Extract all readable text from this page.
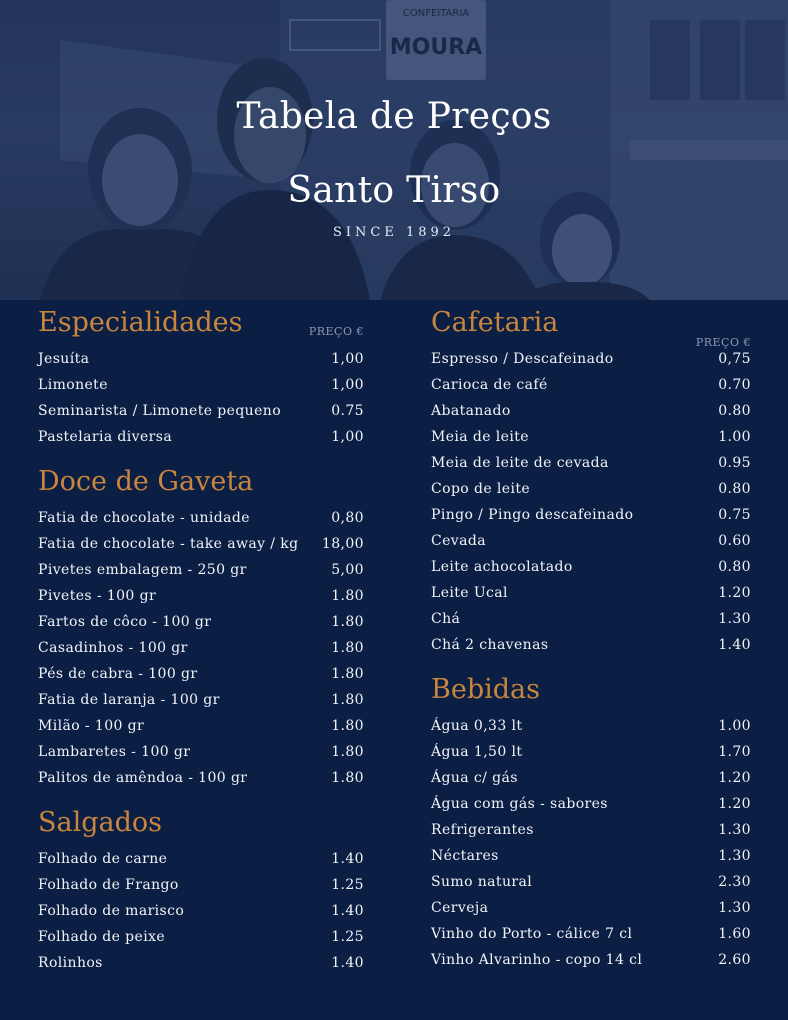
CONFEITARIA
MOURA
Tabela de Preços
Santo Tirso
SINCE 1892
Especialidades	PREÇO €
Jesuíta	1,00
Limonete	1,00
Seminarista / Limonete pequeno	0.75
Pastelaria diversa	1,00
Doce de Gaveta
Fatia de chocolate - unidade	0,80
Fatia de chocolate - take away / kg 18,00
Pivetes embalagem - 250 gr	5,00
Pivetes - 100 gr	1.80
Fartos de côco - 100 gr	1.80
Casadinhos - 100 gr	1.80
Pés de cabra - 100 gr	1.80
Fatia de laranja - 100 gr	1.80
Milão - 100 gr	1.80
Lambaretes - 100 gr	1.80
Palitos de amêndoa - 100 gr	1.80
Salgados
Folhado de carne	1.40
Folhado de Frango	1.25
Folhado de marisco	1.40
Folhado de peixe	1.25
Rolinhos	1.40
Cafetaria
PREÇO €
Espresso / Descafeinado	0,75
Carioca de café	0.70
Abatanado	0.80
Meia de leite	1.00
Meia de leite de cevada	0.95
Copo de leite	0.80
Pingo / Pingo descafeinado	0.75
Cevada	0.60
Leite achocolatado	0.80
Leite Ucal	1.20
Chá	1.30
Chá 2 chavenas	1.40
Bebidas
Água 0,33 lt	1.00
Água 1,50 lt	1.70
Água c/ gás	1.20
Água com gás - sabores	1.20
Refrigerantes	1.30
Néctares	1.30
Sumo natural	2.30
Cerveja	1.30
Vinho do Porto - cálice 7 cl	1.60
Vinho Alvarinho - copo 14 cl	2.60
